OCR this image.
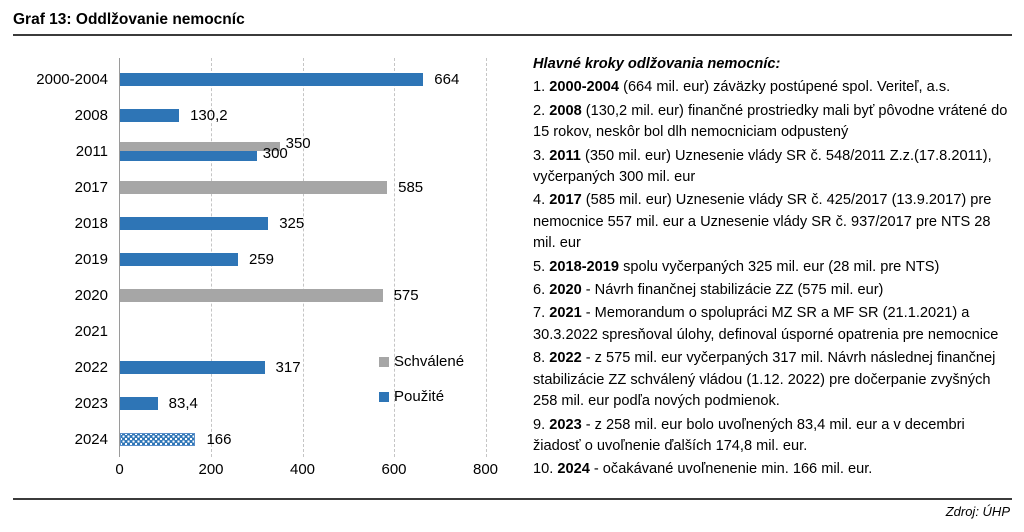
Graf 13: Oddlžovanie nemocníc
0	200	400	600	800
2000-2004	664
2008	130,2
2011	350
300
2017	585
2018	325
2019	259
2020	575
2021
2022	317
2023	83,4
2024	166
Schválené
Použité

Hlavné kroky odlžovania nemocníc:

1. 2000-2004 (664 mil. eur) záväzky postúpené spol. Veriteľ, a.s.

2. 2008 (130,2 mil. eur) finančné prostriedky mali byť pôvodne vrátené do 15 rokov, neskôr bol dlh nemocniciam odpustený

3. 2011 (350 mil. eur) Uznesenie vlády SR č. 548/2011 Z.z.(17.8.2011), vyčerpaných 300 mil. eur

4. 2017 (585 mil. eur) Uznesenie vlády SR č. 425/2017 (13.9.2017) pre nemocnice 557 mil. eur a Uznesenie vlády SR č. 937/2017 pre NTS 28 mil. eur

5. 2018-2019 spolu vyčerpaných 325 mil. eur (28 mil. pre NTS)

6. 2020 - Návrh finančnej stabilizácie ZZ (575 mil. eur)

7. 2021 - Memorandum o spolupráci MZ SR a MF SR (21.1.2021) a 30.3.2022 spresňoval úlohy, definoval úsporné opatrenia pre nemocnice

8. 2022 - z 575 mil. eur vyčerpaných 317 mil. Návrh následnej finančnej stabilizácie ZZ schválený vládou (1.12. 2022) pre dočerpanie zvyšných 258 mil. eur podľa nových podmienok.

9. 2023 - z 258 mil. eur bolo uvoľnených 83,4 mil. eur a v decembri žiadosť o uvoľnenie ďalších 174,8 mil. eur.

10. 2024 - očakávané uvoľnenenie min. 166 mil. eur.

Zdroj: ÚHP
